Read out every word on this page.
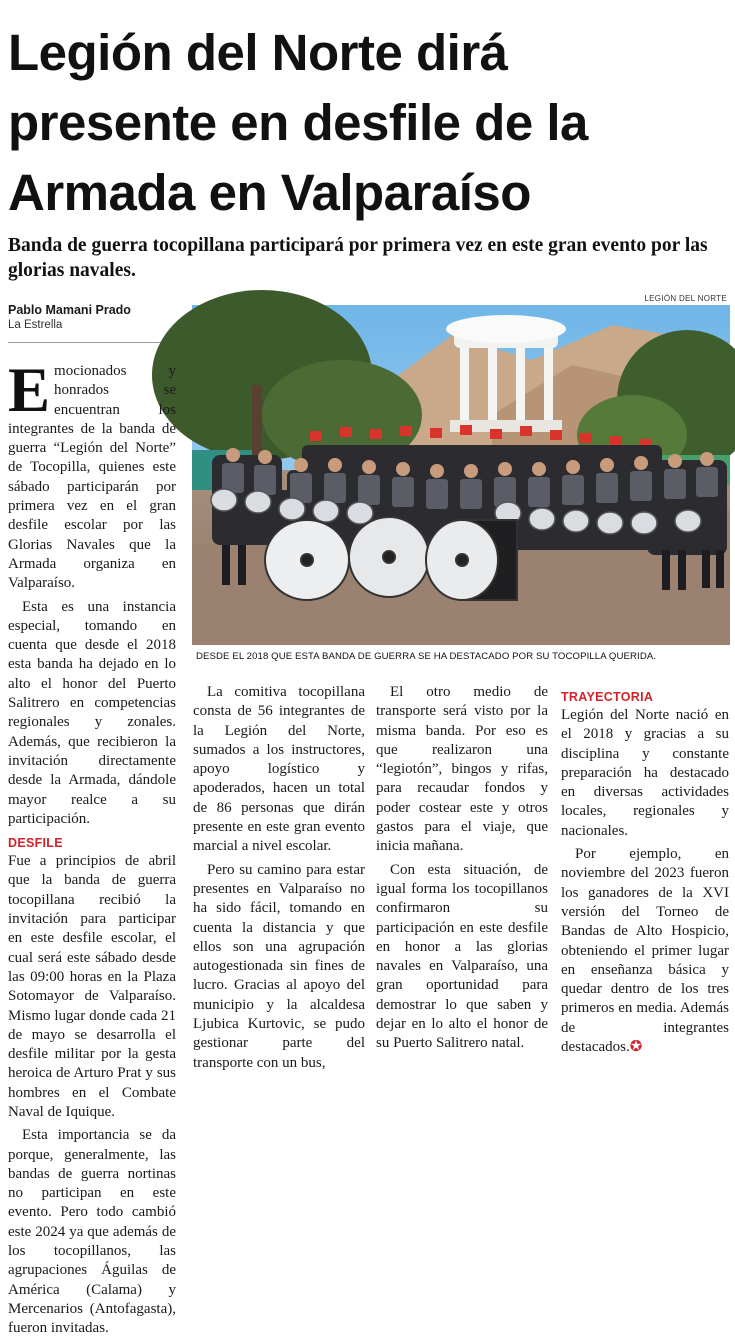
Legión del Norte dirá
presente en desfile de la
Armada en Valparaíso
Banda de guerra tocopillana participará por primera vez en este gran evento por las glorias navales.
Pablo Mamani Prado
La Estrella
LEGIÓN DEL NORTE
DESDE EL 2018 QUE ESTA BANDA DE GUERRA SE HA DESTACADO POR SU TOCOPILLA QUERIDA.

E mocionados y honrados se encuentran los integrantes de la banda de guerra “Legión del Norte” de Tocopilla, quienes este sábado participarán por primera vez en el gran desfile escolar por las Glorias Navales que la Armada organiza en Valparaíso.

Esta es una instancia especial, tomando en cuenta que desde el 2018 esta banda ha dejado en lo alto el honor del Puerto Salitrero en competencias regionales y zonales. Además, que recibieron la invitación directamente desde la Armada, dándole mayor realce a su participación.

DESFILE

Fue a principios de abril que la banda de guerra tocopillana recibió la invitación para participar en este desfile escolar, el cual será este sábado desde las 09:00 horas en la Plaza Sotomayor de Valparaíso. Mismo lugar donde cada 21 de mayo se desarrolla el desfile militar por la gesta heroica de Arturo Prat y sus hombres en el Combate Naval de Iquique.

Esta importancia se da porque, generalmente, las bandas de guerra nortinas no participan en este evento. Pero todo cambió este 2024 ya que además de los tocopillanos, las agrupaciones Águilas de América (Calama) y Mercenarios (Antofagasta), fueron invitadas.

La comitiva tocopillana consta de 56 integrantes de la Legión del Norte, sumados a los instructores, apoyo logístico y apoderados, hacen un total de 86 personas que dirán presente en este gran evento marcial a nivel escolar.

Pero su camino para estar presentes en Valparaíso no ha sido fácil, tomando en cuenta la distancia y que ellos son una agrupación autogestionada sin fines de lucro. Gracias al apoyo del municipio y la alcaldesa Ljubica Kurtovic, se pudo gestionar parte del transporte con un bus,

El otro medio de transporte será visto por la misma banda. Por eso es que realizaron una “legiotón”, bingos y rifas, para recaudar fondos y poder costear este y otros gastos para el viaje, que inicia mañana.

Con esta situación, de igual forma los tocopillanos confirmaron su participación en este desfile en honor a las glorias navales en Valparaíso, una gran oportunidad para demostrar lo que saben y dejar en lo alto el honor de su Puerto Salitrero natal.

TRAYECTORIA

Legión del Norte nació en el 2018 y gracias a su disciplina y constante preparación ha destacado en diversas actividades locales, regionales y nacionales.

Por ejemplo, en noviembre del 2023 fueron los ganadores de la XVI versión del Torneo de Bandas de Alto Hospicio, obteniendo el primer lugar en enseñanza básica y quedar dentro de los tres primeros en media. Además de integrantes destacados.✪
